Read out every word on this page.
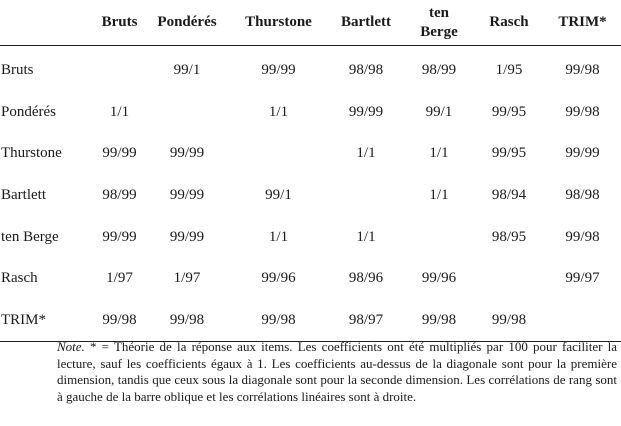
	Bruts	Pondérés	Thurstone	Bartlett	ten Berge	Rasch	TRIM*
Bruts		99/1	99/99	98/98	98/99	1/95	99/98
Pondérés	1/1		1/1	99/99	99/1	99/95	99/98
Thurstone	99/99	99/99		1/1	1/1	99/95	99/99
Bartlett	98/99	99/99	99/1		1/1	98/94	98/98
ten Berge	99/99	99/99	1/1	1/1		98/95	99/98
Rasch	1/97	1/97	99/96	98/96	99/96		99/97
TRIM*	99/98	99/98	99/98	98/97	99/98	99/98	
Note. * = Théorie de la réponse aux items. Les coefficients ont été multipliés par 100 pour faciliter la lecture, sauf les coefficients égaux à 1. Les coefficients au-dessus de la diagonale sont pour la première dimension, tandis que ceux sous la diagonale sont pour la seconde dimension. Les corrélations de rang sont à gauche de la barre oblique et les corrélations linéaires sont à droite.
